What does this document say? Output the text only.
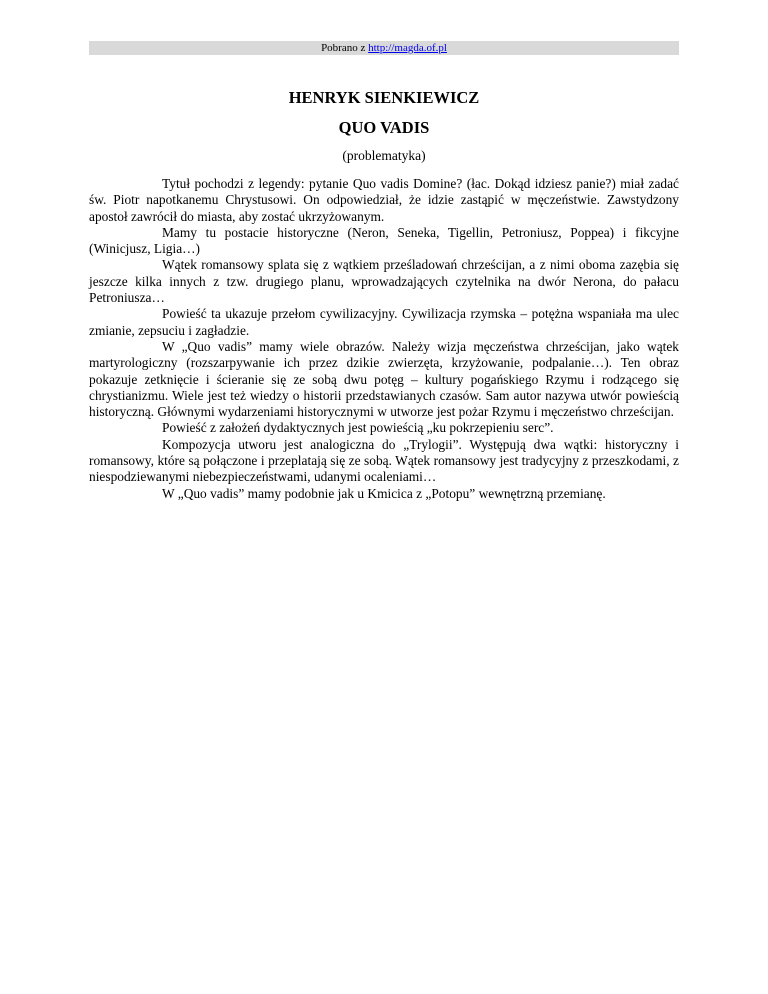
Pobrano z http://magda.of.pl
HENRYK SIENKIEWICZ
QUO VADIS
(problematyka)

Tytuł pochodzi z legendy: pytanie Quo vadis Domine? (łac. Dokąd idziesz panie?) miał zadać św. Piotr napotkanemu Chrystusowi. On odpowiedział, że idzie zastąpić w męczeństwie. Zawstydzony apostoł zawrócił do miasta, aby zostać ukrzyżowanym.

Mamy tu postacie historyczne (Neron, Seneka, Tigellin, Petroniusz, Poppea) i fikcyjne (Winicjusz, Ligia…)

Wątek romansowy splata się z wątkiem prześladowań chrześcijan, a z nimi oboma zazębia się jeszcze kilka innych z tzw. drugiego planu, wprowadzających czytelnika na dwór Nerona, do pałacu Petroniusza…

Powieść ta ukazuje przełom cywilizacyjny. Cywilizacja rzymska – potężna wspaniała ma ulec zmianie, zepsuciu i zagładzie.

W „Quo vadis” mamy wiele obrazów. Należy wizja męczeństwa chrześcijan, jako wątek martyrologiczny (rozszarpywanie ich przez dzikie zwierzęta, krzyżowanie, podpalanie…). Ten obraz pokazuje zetknięcie i ścieranie się ze sobą dwu potęg – kultury pogańskiego Rzymu i rodzącego się chrystianizmu. Wiele jest też wiedzy o historii przedstawianych czasów. Sam autor nazywa utwór powieścią historyczną. Głównymi wydarzeniami historycznymi w utworze jest pożar Rzymu i męczeństwo chrześcijan.

Powieść z założeń dydaktycznych jest powieścią „ku pokrzepieniu serc”.

Kompozycja utworu jest analogiczna do „Trylogii”. Występują dwa wątki: historyczny i romansowy, które są połączone i przeplatają się ze sobą. Wątek romansowy jest tradycyjny z przeszkodami, z niespodziewanymi niebezpieczeństwami, udanymi ocaleniami…

W „Quo vadis” mamy podobnie jak u Kmicica z „Potopu” wewnętrzną przemianę.
